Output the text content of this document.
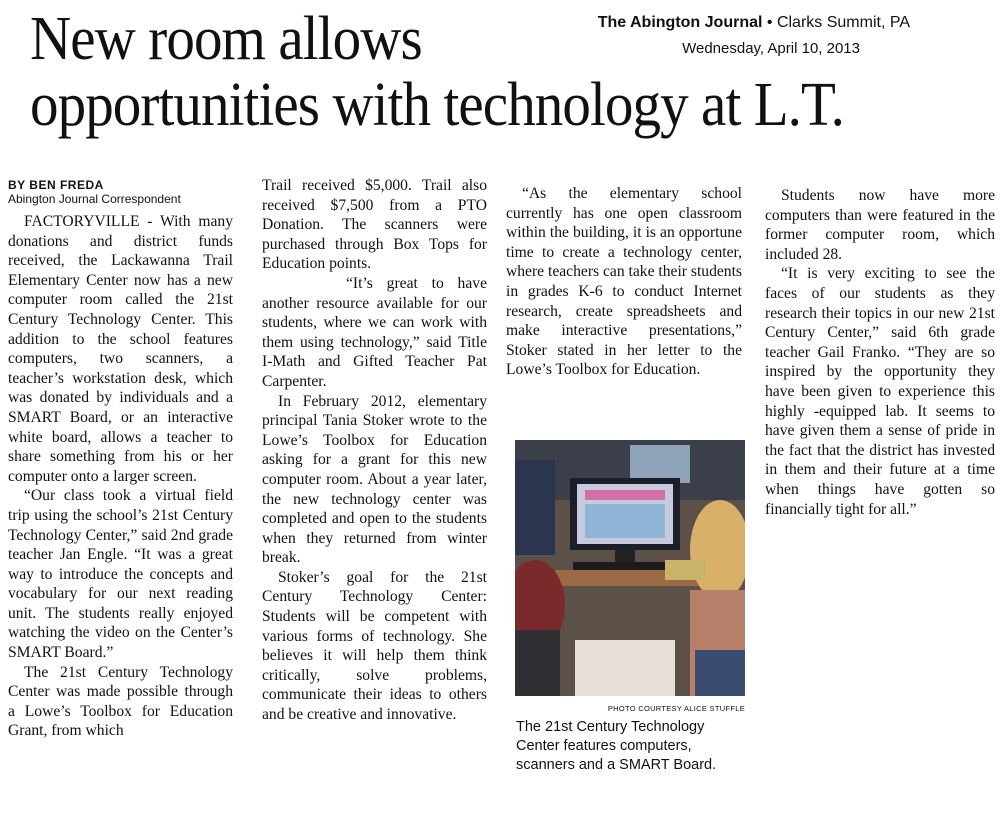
The Abington Journal • Clarks Summit, PA
Wednesday, April 10, 2013
New room allows
opportunities with technology at L.T.
BY BEN FREDA
Abington Journal Correspondent

FACTORYVILLE - With many donations and district funds received, the Lackawanna Trail Elementary Center now has a new computer room called the 21st Century Technology Center. This addition to the school features computers, two scanners, a teacher’s workstation desk, which was donated by individuals and a SMART Board, or an interactive white board, allows a teacher to share something from his or her computer onto a larger screen.

“Our class took a virtual field trip using the school’s 21st Century Technology Center,” said 2nd grade teacher Jan Engle. “It was a great way to introduce the concepts and vocabulary for our next reading unit. The students really enjoyed watching the video on the Center’s SMART Board.”

The 21st Century Technology Center was made possible through a Lowe’s Toolbox for Education Grant, from which

Trail received $5,000. Trail also received $7,500 from a PTO Donation. The scanners were purchased through Box Tops for Education points.

“It’s great to have another resource available for our students, where we can work with them using technology,” said Title I-Math and Gifted Teacher Pat Carpenter.

In February 2012, elementary principal Tania Stoker wrote to the Lowe’s Toolbox for Education asking for a grant for this new computer room. About a year later, the new technology center was completed and open to the students when they returned from winter break.

Stoker’s goal for the 21st Century Technology Center: Students will be competent with various forms of technology. She believes it will help them think critically, solve problems, communicate their ideas to others and be creative and innovative.

“As the elementary school currently has one open classroom within the building, it is an opportune time to create a technology center, where teachers can take their students in grades K-6 to conduct Internet research, create spreadsheets and make interactive presentations,” Stoker stated in her letter to the Lowe’s Toolbox for Education.

PHOTO COURTESY ALICE STUFFLE
The 21st Century Technology Center features computers, scanners and a SMART Board.

Students now have more computers than were featured in the former computer room, which included 28.

“It is very exciting to see the faces of our students as they research their topics in our new 21st Century Center,” said 6th grade teacher Gail Franko. “They are so inspired by the opportunity they have been given to experience this highly -equipped lab. It seems to have given them a sense of pride in the fact that the district has invested in them and their future at a time when things have gotten so financially tight for all.”
